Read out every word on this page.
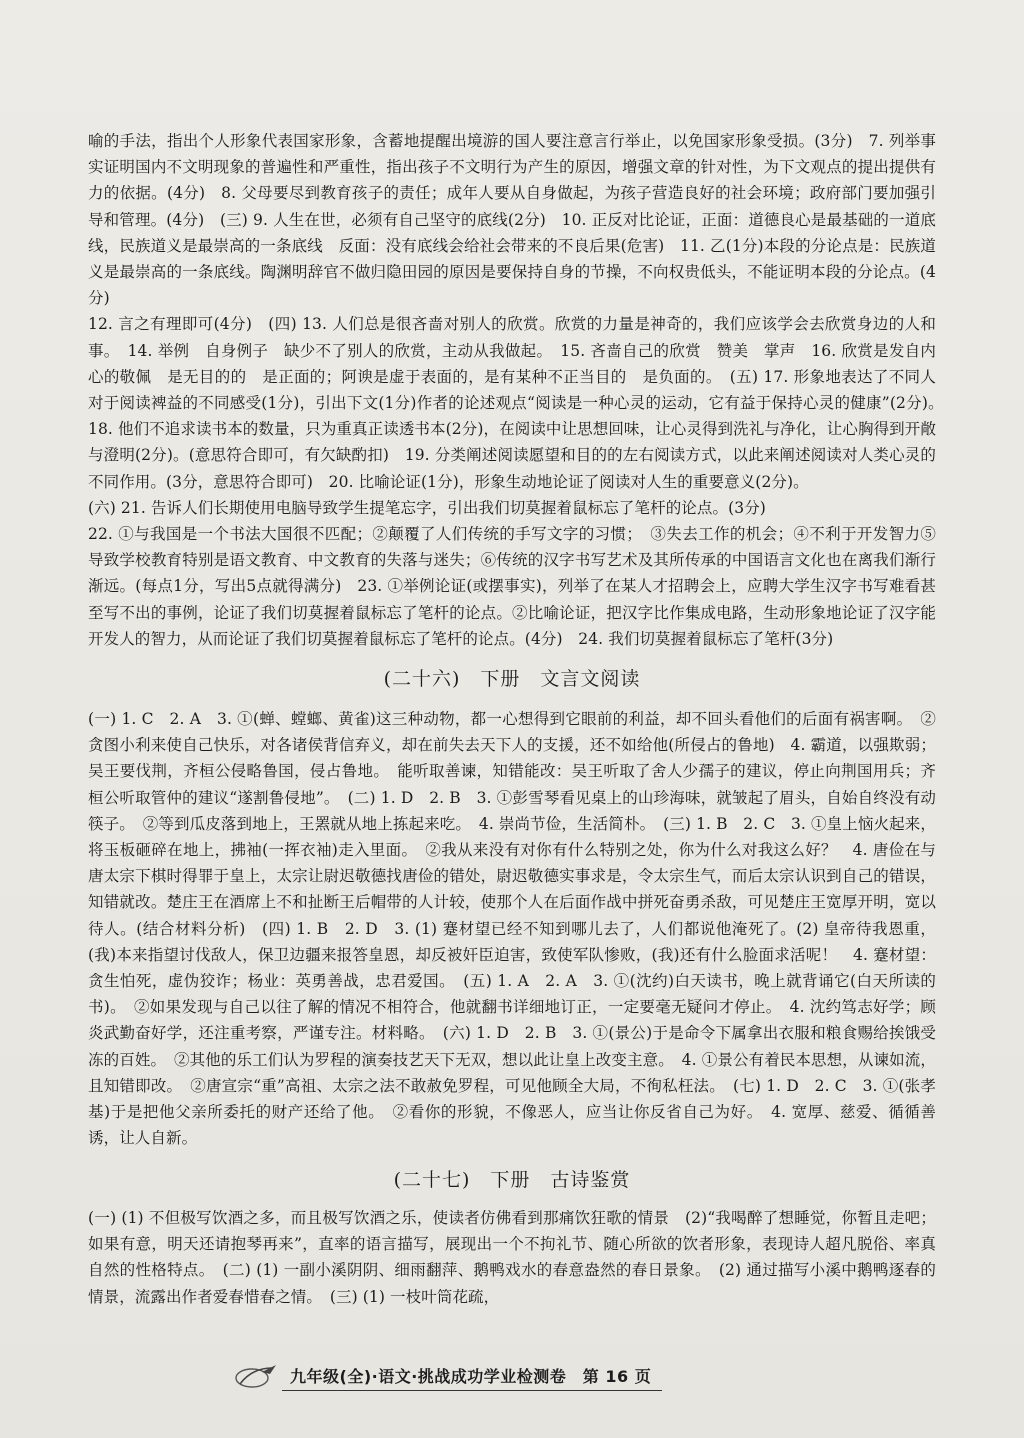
喻的手法，指出个人形象代表国家形象，含蓄地提醒出境游的国人要注意言行举止，以免国家形象受损。(3分)　7. 列举事实证明国内不文明现象的普遍性和严重性，指出孩子不文明行为产生的原因，增强文章的针对性，为下文观点的提出提供有力的依据。(4分)　8. 父母要尽到教育孩子的责任；成年人要从自身做起，为孩子营造良好的社会环境；政府部门要加强引导和管理。(4分)　(三) 9. 人生在世，必须有自己坚守的底线(2分)　10. 正反对比论证，正面：道德良心是最基础的一道底线，民族道义是最崇高的一条底线　反面：没有底线会给社会带来的不良后果(危害)　11. 乙(1分)本段的分论点是：民族道义是最崇高的一条底线。陶渊明辞官不做归隐田园的原因是要保持自身的节操，不向权贵低头，不能证明本段的分论点。(4分)

12. 言之有理即可(4分)　(四) 13. 人们总是很吝啬对别人的欣赏。欣赏的力量是神奇的，我们应该学会去欣赏身边的人和事。　14. 举例　自身例子　缺少不了别人的欣赏，主动从我做起。　15. 吝啬自己的欣赏　赞美　掌声　16. 欣赏是发自内心的敬佩　是无目的的　是正面的；阿谀是虚于表面的，是有某种不正当目的　是负面的。　(五) 17. 形象地表达了不同人对于阅读裨益的不同感受(1分)，引出下文(1分)作者的论述观点“阅读是一种心灵的运动，它有益于保持心灵的健康”(2分)。　18. 他们不追求读书本的数量，只为重真正读透书本(2分)，在阅读中让思想回味，让心灵得到洗礼与净化，让心胸得到开敞与澄明(2分)。(意思符合即可，有欠缺酌扣)　19. 分类阐述阅读愿望和目的的左右阅读方式，以此来阐述阅读对人类心灵的不同作用。(3分，意思符合即可)　20. 比喻论证(1分)，形象生动地论证了阅读对人生的重要意义(2分)。

(六) 21. 告诉人们长期使用电脑导致学生提笔忘字，引出我们切莫握着鼠标忘了笔杆的论点。(3分)

22. ①与我国是一个书法大国很不匹配；②颠覆了人们传统的手写文字的习惯；　③失去工作的机会；④不利于开发智力⑤导致学校教育特别是语文教育、中文教育的失落与迷失；⑥传统的汉字书写艺术及其所传承的中国语言文化也在离我们渐行渐远。(每点1分，写出5点就得满分)　23. ①举例论证(或摆事实)，列举了在某人才招聘会上，应聘大学生汉字书写难看甚至写不出的事例，论证了我们切莫握着鼠标忘了笔杆的论点。②比喻论证，把汉字比作集成电路，生动形象地论证了汉字能开发人的智力，从而论证了我们切莫握着鼠标忘了笔杆的论点。(4分)　24. 我们切莫握着鼠标忘了笔杆(3分)

(二十六)　下册　文言文阅读

(一) 1. C　2. A　3. ①(蝉、螳螂、黄雀)这三种动物，都一心想得到它眼前的利益，却不回头看他们的后面有祸害啊。　②贪图小利来使自己快乐，对各诸侯背信弃义，却在前失去天下人的支援，还不如给他(所侵占的鲁地)　4. 霸道，以强欺弱；吴王要伐荆，齐桓公侵略鲁国，侵占鲁地。　能听取善谏，知错能改：吴王听取了舍人少孺子的建议，停止向荆国用兵；齐桓公听取管仲的建议“遂割鲁侵地”。　(二) 1. D　2. B　3. ①彭雪琴看见桌上的山珍海味，就皱起了眉头，自始自终没有动筷子。　②等到瓜皮落到地上，王罴就从地上拣起来吃。　4. 崇尚节俭，生活简朴。　(三) 1. B　2. C　3. ①皇上恼火起来，将玉板砸碎在地上，拂袖(一挥衣袖)走入里面。　②我从来没有对你有什么特别之处，你为什么对我这么好？　4. 唐俭在与唐太宗下棋时得罪于皇上，太宗让尉迟敬德找唐俭的错处，尉迟敬德实事求是，令太宗生气，而后太宗认识到自己的错误，知错就改。楚庄王在酒席上不和扯断王后帽带的人计较，使那个人在后面作战中拼死奋勇杀敌，可见楚庄王宽厚开明，宽以待人。(结合材料分析)　(四) 1. B　2. D　3. (1) 蹇材望已经不知到哪儿去了，人们都说他淹死了。(2) 皇帝待我恩重，(我)本来指望讨伐敌人，保卫边疆来报答皇恩，却反被奸臣迫害，致使军队惨败，(我)还有什么脸面求活呢！　4. 蹇材望：贪生怕死，虚伪狡诈；杨业：英勇善战，忠君爱国。　(五) 1. A　2. A　3. ①(沈约)白天读书，晚上就背诵它(白天所读的书)。　②如果发现与自己以往了解的情况不相符合，他就翻书详细地订正，一定要毫无疑问才停止。　4. 沈约笃志好学；顾炎武勤奋好学，还注重考察，严谨专注。材料略。　(六) 1. D　2. B　3. ①(景公)于是命令下属拿出衣服和粮食赐给挨饿受冻的百姓。　②其他的乐工们认为罗程的演奏技艺天下无双，想以此让皇上改变主意。　4. ①景公有着民本思想，从谏如流，且知错即改。　②唐宣宗“重”高祖、太宗之法不敢赦免罗程，可见他顾全大局，不徇私枉法。　(七) 1. D　2. C　3. ①(张孝基)于是把他父亲所委托的财产还给了他。　②看你的形貌，不像恶人，应当让你反省自己为好。　4. 宽厚、慈爱、循循善诱，让人自新。

(二十七)　下册　古诗鉴赏

(一) (1) 不但极写饮酒之多，而且极写饮酒之乐，使读者仿佛看到那痛饮狂歌的情景　(2)“我喝醉了想睡觉，你暂且走吧；如果有意，明天还请抱琴再来”，直率的语言描写，展现出一个不拘礼节、随心所欲的饮者形象，表现诗人超凡脱俗、率真自然的性格特点。　(二) (1) 一副小溪阴阴、细雨翻萍、鹅鸭戏水的春意盎然的春日景象。　(2) 通过描写小溪中鹅鸭逐春的情景，流露出作者爱春惜春之情。　(三) (1) 一枝叶筒花疏，

九年级(全)·语文·挑战成功学业检测卷　第 16 页
